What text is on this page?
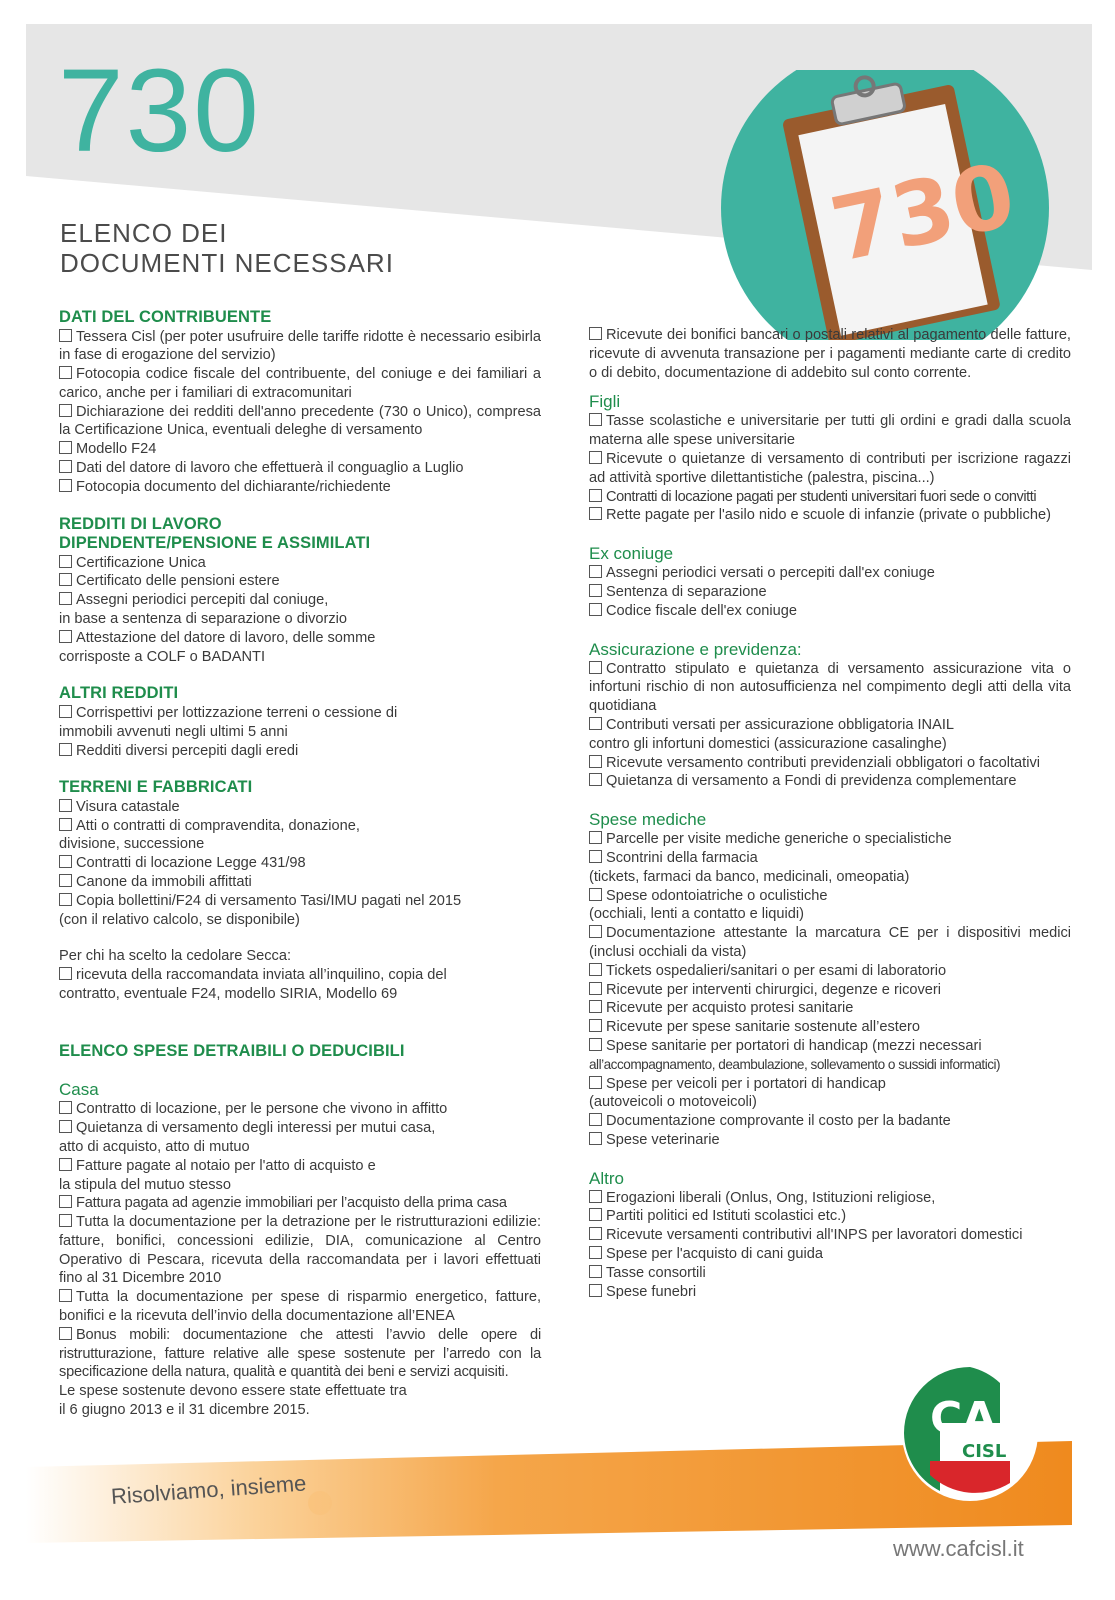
730
ELENCO DEI
DOCUMENTI NECESSARI	730
DATI DEL CONTRIBUENTE
Tessera Cisl (per poter usufruire delle tariffe ridotte è necessario esibirla in fase di erogazione del servizio)
Fotocopia codice fiscale del contribuente, del coniuge e dei familiari a carico, anche per i familiari di extracomunitari
Dichiarazione dei redditi dell'anno precedente (730 o Unico), compresa la Certificazione Unica, eventuali deleghe di versamento
Modello F24
Dati del datore di lavoro che effettuerà il conguaglio a Luglio
Fotocopia documento del dichiarante/richiedente
REDDITI DI LAVORO
DIPENDENTE/PENSIONE E ASSIMILATI
Certificazione Unica
Certificato delle pensioni estere
Assegni periodici percepiti dal coniuge,
in base a sentenza di separazione o divorzio
Attestazione del datore di lavoro, delle somme
corrisposte a COLF o BADANTI
ALTRI REDDITI
Corrispettivi per lottizzazione terreni o cessione di
immobili avvenuti negli ultimi 5 anni
Redditi diversi percepiti dagli eredi
TERRENI E FABBRICATI
Visura catastale
Atti o contratti di compravendita, donazione,
divisione, successione
Contratti di locazione Legge 431/98
Canone da immobili affittati
Copia bollettini/F24 di versamento Tasi/IMU pagati nel 2015
(con il relativo calcolo, se disponibile)
Per chi ha scelto la cedolare Secca:
ricevuta della raccomandata inviata all’inquilino, copia del
contratto, eventuale F24, modello SIRIA, Modello 69
ELENCO SPESE DETRAIBILI O DEDUCIBILI
Casa
Contratto di locazione, per le persone che vivono in affitto
Quietanza di versamento degli interessi per mutui casa,
atto di acquisto, atto di mutuo
Fatture pagate al notaio per l'atto di acquisto e
la stipula del mutuo stesso
Fattura pagata ad agenzie immobiliari per l’acquisto della prima casa
Tutta la documentazione per la detrazione per le ristrutturazioni edilizie: fatture, bonifici, concessioni edilizie, DIA, comunicazione al Centro Operativo di Pescara, ricevuta della raccomandata per i lavori effettuati fino al 31 Dicembre 2010
Tutta la documentazione per spese di risparmio energetico, fatture, bonifici e la ricevuta dell’invio della documentazione all’ENEA
Bonus mobili: documentazione che attesti l’avvio delle opere di ristrutturazione, fatture relative alle spese sostenute per l’arredo con la specificazione della natura, qualità e quantità dei beni e servizi acquisiti.
Le spese sostenute devono essere state effettuate tra
il 6 giugno 2013 e il 31 dicembre 2015.
Ricevute dei bonifici bancari o postali relativi al pagamento delle fatture, ricevute di avvenuta transazione per i pagamenti mediante carte di credito o di debito, documentazione di addebito sul conto corrente.
Figli
Tasse scolastiche e universitarie per tutti gli ordini e gradi dalla scuola materna alle spese universitarie
Ricevute o quietanze di versamento di contributi per iscrizione ragazzi ad attività sportive dilettantistiche (palestra, piscina...)
Contratti di locazione pagati per studenti universitari fuori sede o convitti
Rette pagate per l'asilo nido e scuole di infanzie (private o pubbliche)
Ex coniuge
Assegni periodici versati o percepiti dall'ex coniuge
Sentenza di separazione
Codice fiscale dell'ex coniuge
Assicurazione e previdenza:
Contratto stipulato e quietanza di versamento assicurazione vita o infortuni rischio di non autosufficienza nel compimento degli atti della vita quotidiana
Contributi versati per assicurazione obbligatoria INAIL
contro gli infortuni domestici (assicurazione casalinghe)
Ricevute versamento contributi previdenziali obbligatori o facoltativi
Quietanza di versamento a Fondi di previdenza complementare
Spese mediche
Parcelle per visite mediche generiche o specialistiche
Scontrini della farmacia
(tickets, farmaci da banco, medicinali, omeopatia)
Spese odontoiatriche o oculistiche
(occhiali, lenti a contatto e liquidi)
Documentazione attestante la marcatura CE per i dispositivi medici (inclusi occhiali da vista)
Tickets ospedalieri/sanitari o per esami di laboratorio
Ricevute per interventi chirurgici, degenze e ricoveri
Ricevute per acquisto protesi sanitarie
Ricevute per spese sanitarie sostenute all’estero
Spese sanitarie per portatori di handicap (mezzi necessari
all’accompagnamento, deambulazione, sollevamento o sussidi informatici)
Spese per veicoli per i portatori di handicap
(autoveicoli o motoveicoli)
Documentazione comprovante il costo per la badante
Spese veterinarie
Altro
Erogazioni liberali (Onlus, Ong, Istituzioni religiose,
Partiti politici ed Istituti scolastici etc.)
Ricevute versamenti contributivi all'INPS per lavoratori domestici
Spese per l'acquisto di cani guida
Tasse consortili
Spese funebri
Risolviamo, insieme
www.cafcisl.it
CAF
CISL
